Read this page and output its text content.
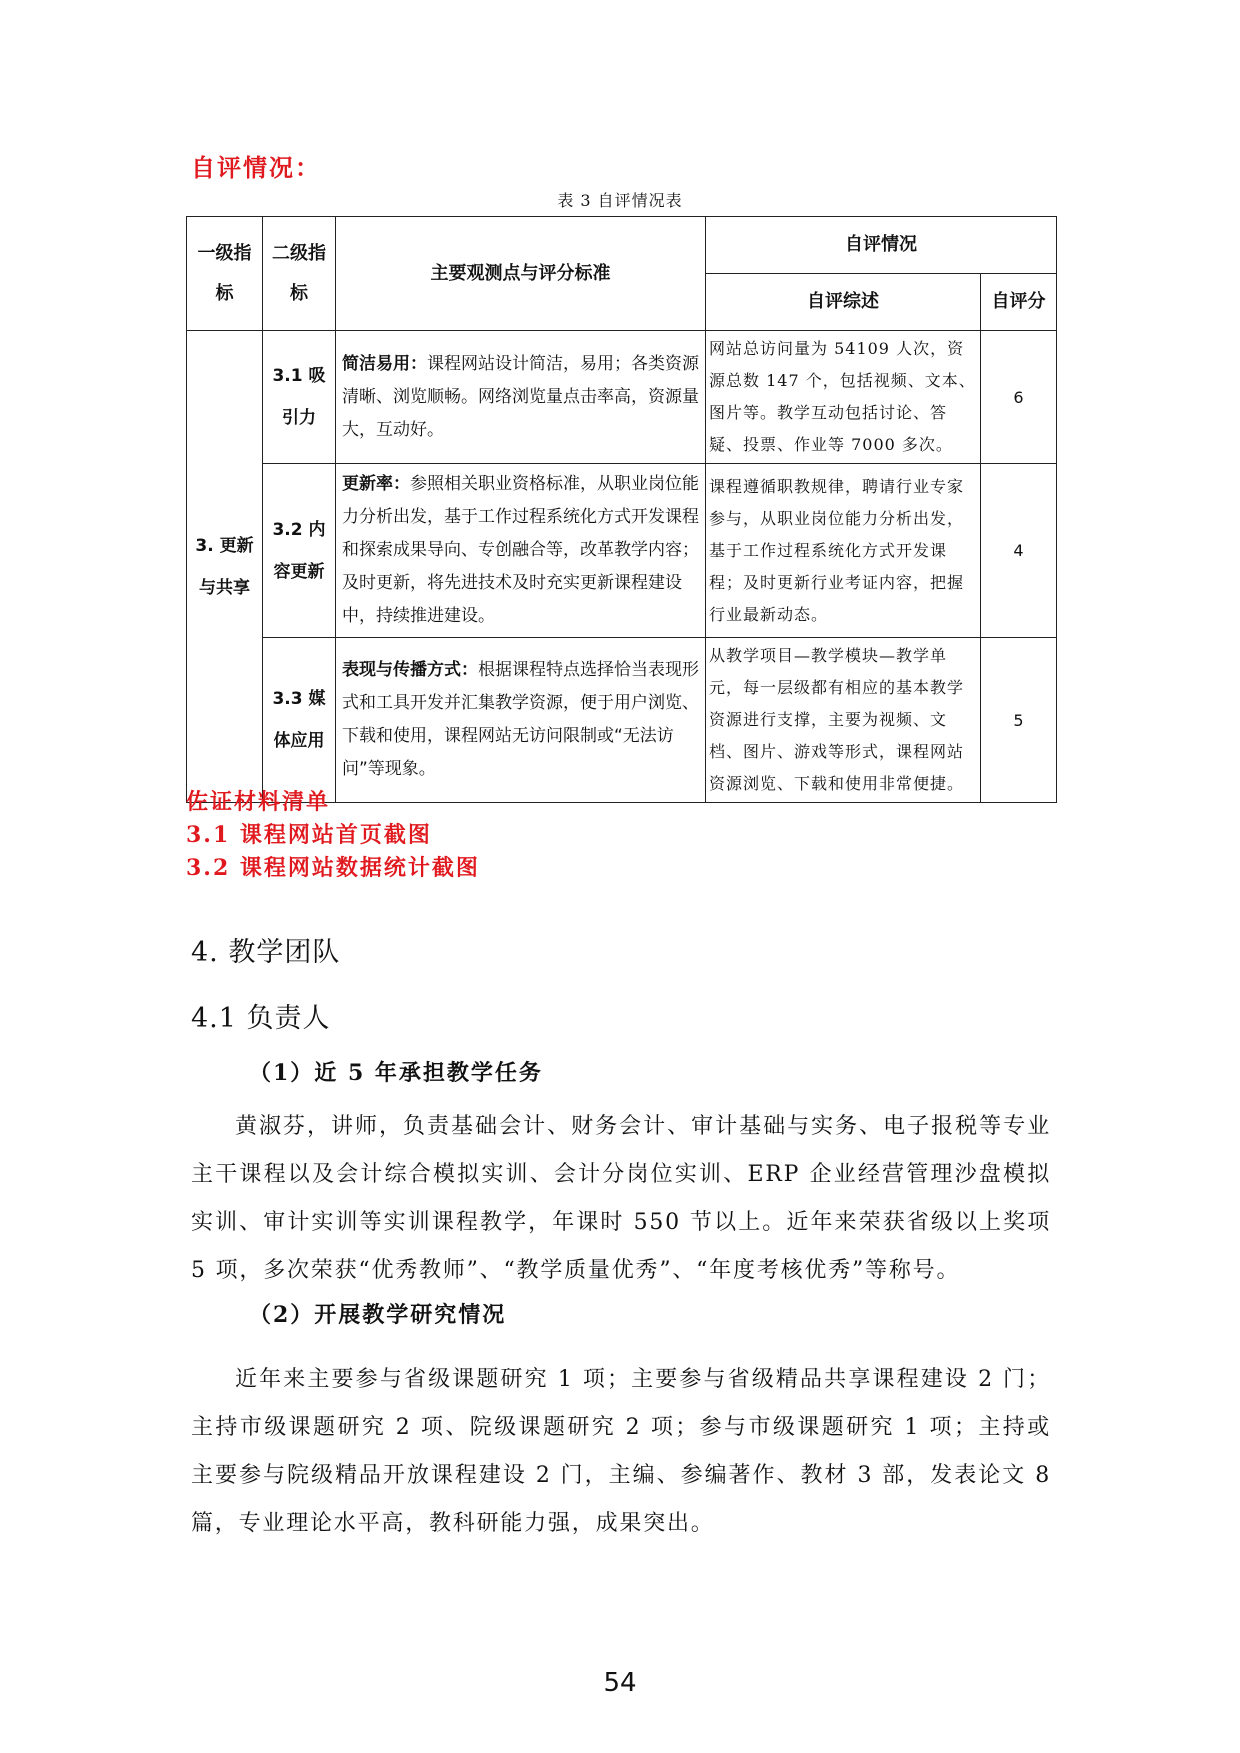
自评情况：
表 3 自评情况表
一级指标	二级指标	主要观测点与评分标准	自评情况	
			自评综述	自评分

3. 更新与共享	3.1 吸引力	简洁易用：课程网站设计简洁，易用；各类资源清晰、浏览顺畅。网络浏览量点击率高，资源量大，互动好。	网站总访问量为 54109 人次，资源总数 147 个，包括视频、文本、图片等。教学互动包括讨论、答疑、投票、作业等 7000 多次。	6

	3.2 内容更新	更新率：参照相关职业资格标准，从职业岗位能力分析出发，基于工作过程系统化方式开发课程和探索成果导向、专创融合等，改革教学内容；及时更新，将先进技术及时充实更新课程建设中，持续推进建设。	课程遵循职教规律，聘请行业专家参与，从职业岗位能力分析出发，基于工作过程系统化方式开发课程；及时更新行业考证内容，把握行业最新动态。	4

	3.3 媒体应用	表现与传播方式：根据课程特点选择恰当表现形式和工具开发并汇集教学资源，便于用户浏览、下载和使用，课程网站无访问限制或“无法访问”等现象。	从教学项目—教学模块—教学单元，每一层级都有相应的基本教学资源进行支撑，主要为视频、文档、图片、游戏等形式，课程网站资源浏览、下载和使用非常便捷。	5
佐证材料清单
3.1 课程网站首页截图
3.2 课程网站数据统计截图
4. 教学团队
4.1 负责人
（1）近 5 年承担教学任务
黄淑芬，讲师，负责基础会计、财务会计、审计基础与实务、电子报税等专业主干课程以及会计综合模拟实训、会计分岗位实训、ERP 企业经营管理沙盘模拟实训、审计实训等实训课程教学，年课时 550 节以上。近年来荣获省级以上奖项 5 项，多次荣获“优秀教师”、“教学质量优秀”、“年度考核优秀”等称号。
（2）开展教学研究情况
近年来主要参与省级课题研究 1 项；主要参与省级精品共享课程建设 2 门；主持市级课题研究 2 项、院级课题研究 2 项；参与市级课题研究 1 项；主持或主要参与院级精品开放课程建设 2 门，主编、参编著作、教材 3 部，发表论文 8 篇，专业理论水平高，教科研能力强，成果突出。
54
